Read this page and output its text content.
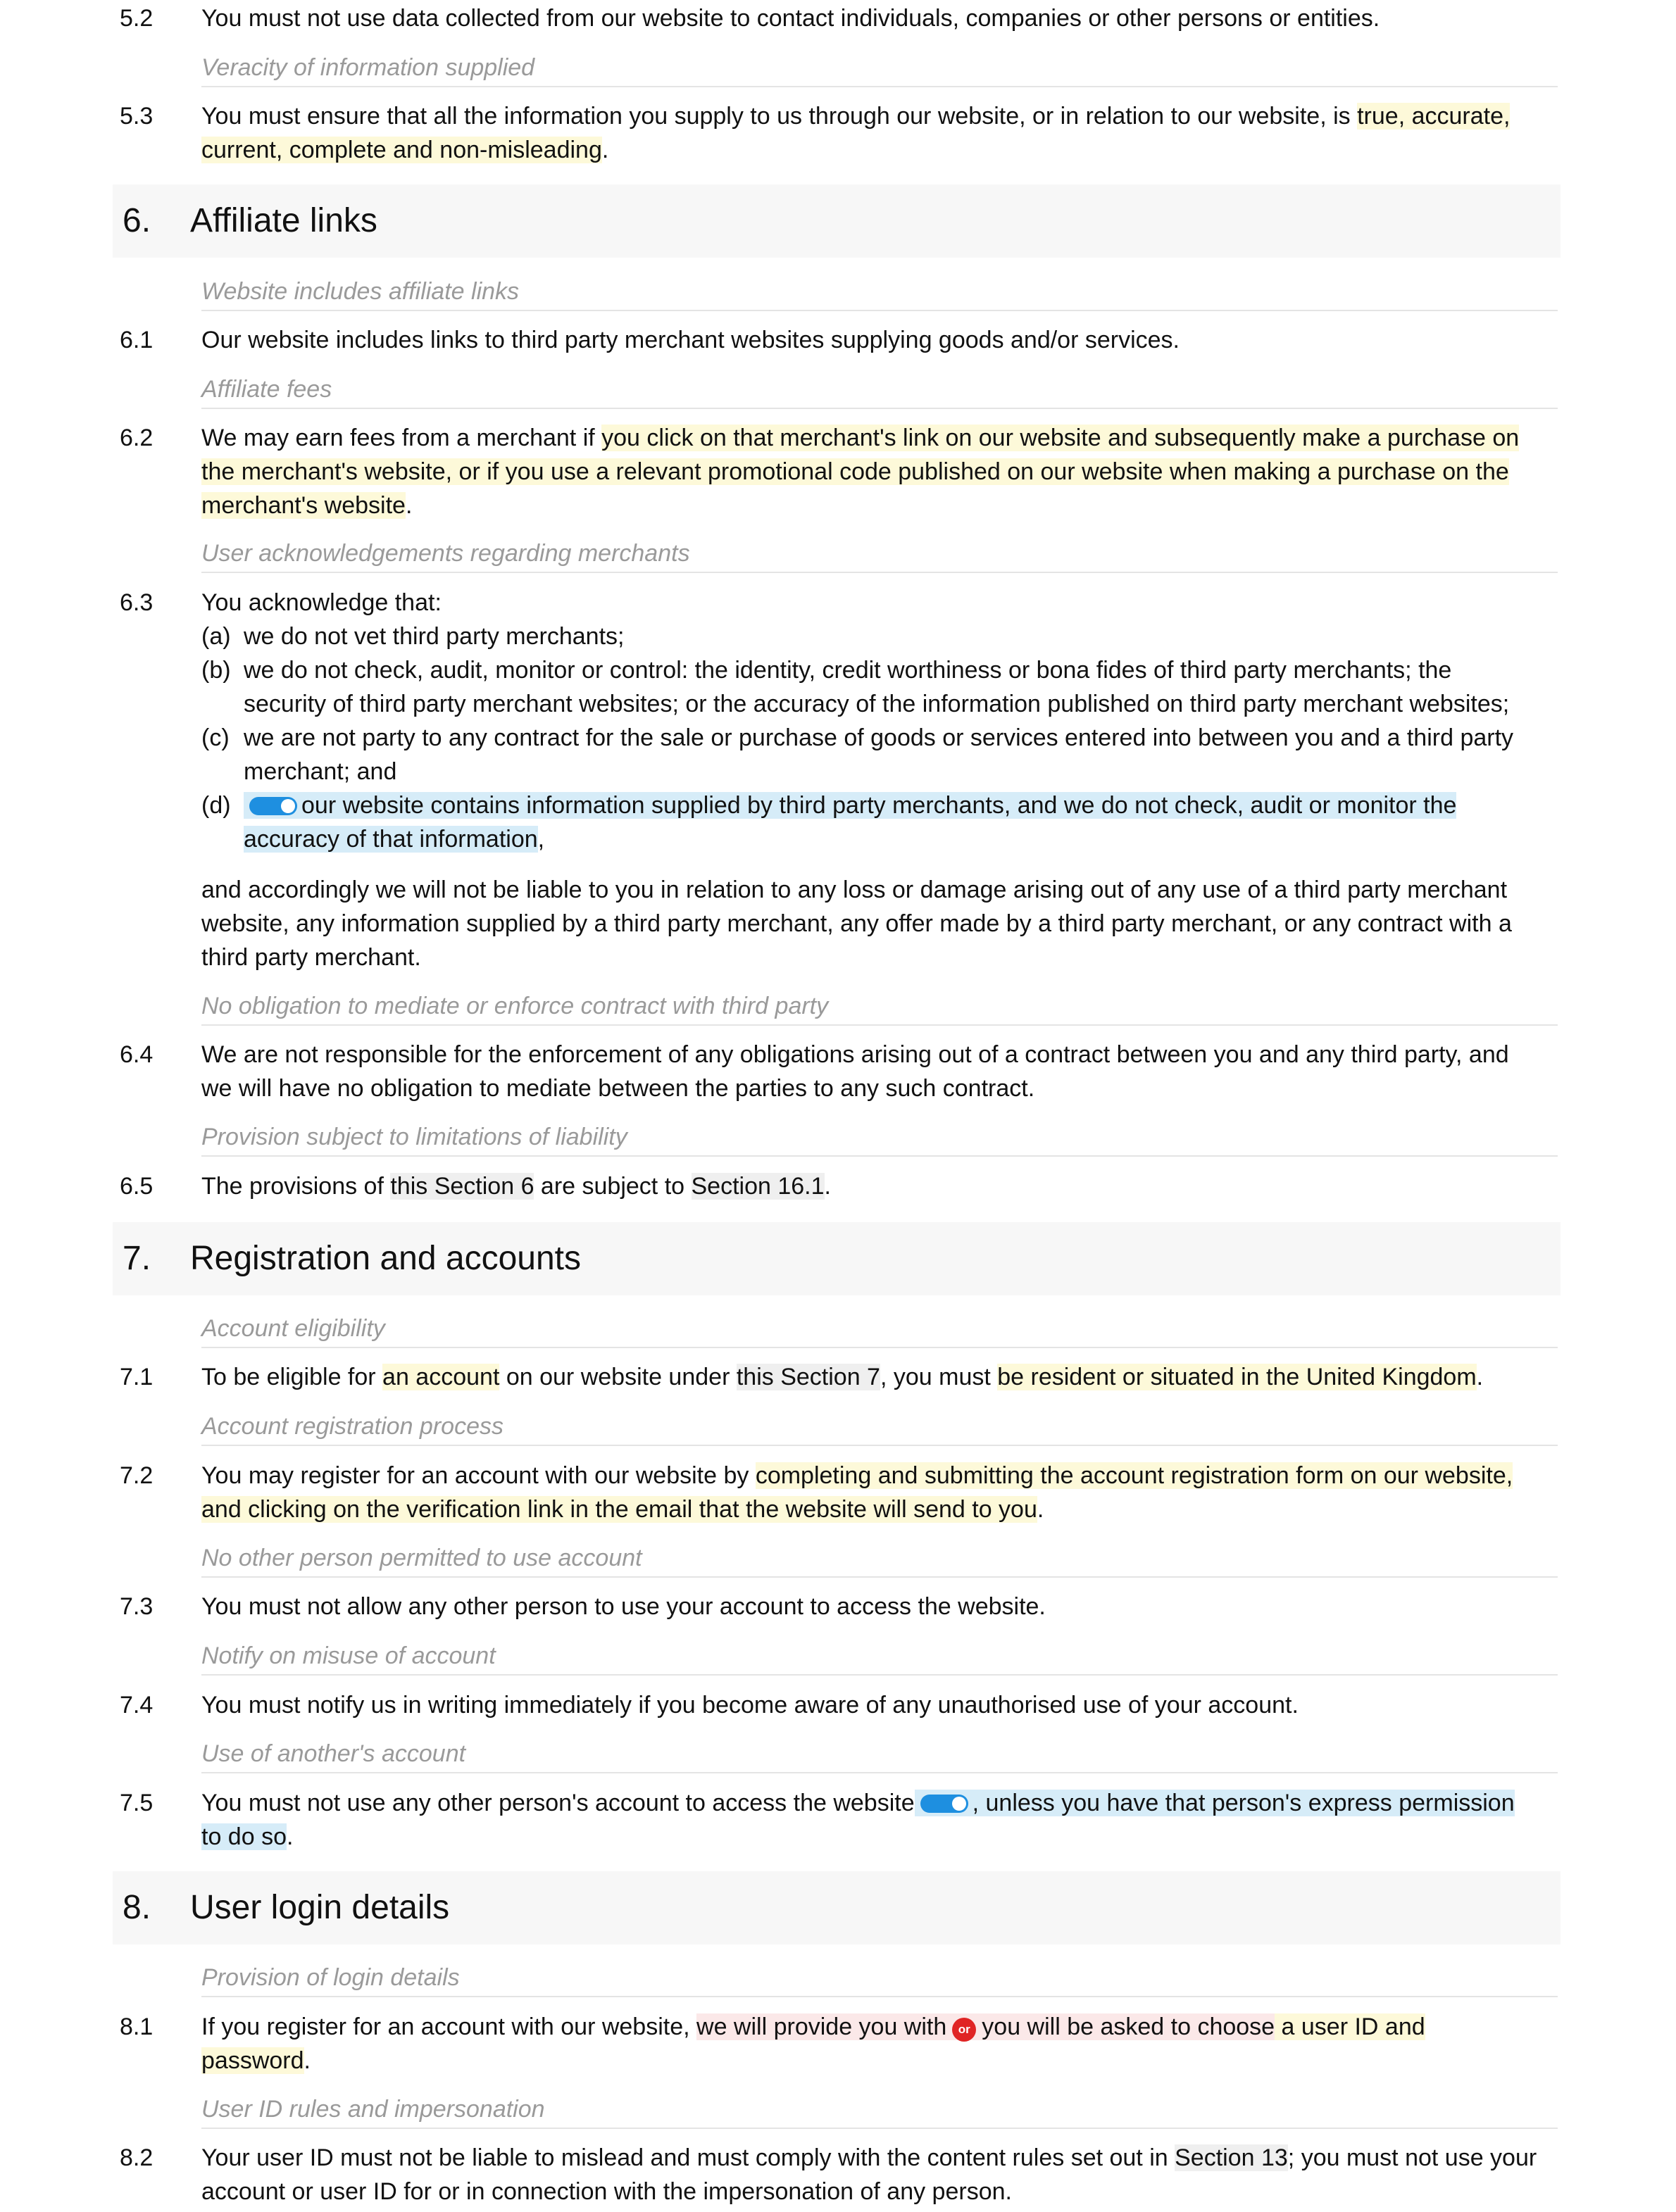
5.2 You must not use data collected from our website to contact individuals, companies or other persons or entities.
Veracity of information supplied
5.3 You must ensure that all the information you supply to us through our website, or in relation to our website, is true, accurate,
current, complete and non-misleading.
6. Affiliate links
Website includes affiliate links
6.1 Our website includes links to third party merchant websites supplying goods and/or services.
Affiliate fees
6.2 We may earn fees from a merchant if you click on that merchant's link on our website and subsequently make a purchase on
the merchant's website, or if you use a relevant promotional code published on our website when making a purchase on the
merchant's website.
User acknowledgements regarding merchants
6.3 You acknowledge that:
(a) we do not vet third party merchants;
(b) we do not check, audit, monitor or control: the identity, credit worthiness or bona fides of third party merchants; the
security of third party merchant websites; or the accuracy of the information published on third party merchant websites;
(c) we are not party to any contract for the sale or purchase of goods or services entered into between you and a third party
merchant; and
(d)	our website contains information supplied by third party merchants, and we do not check, audit or monitor the
accuracy of that information,
and accordingly we will not be liable to you in relation to any loss or damage arising out of any use of a third party merchant
website, any information supplied by a third party merchant, any offer made by a third party merchant, or any contract with a
third party merchant.
No obligation to mediate or enforce contract with third party
6.4 We are not responsible for the enforcement of any obligations arising out of a contract between you and any third party, and
we will have no obligation to mediate between the parties to any such contract.
Provision subject to limitations of liability
6.5 The provisions of this Section 6 are subject to Section 16.1.
7. Registration and accounts
Account eligibility
7.1 To be eligible for an account on our website under this Section 7, you must be resident or situated in the United Kingdom.
Account registration process
7.2 You may register for an account with our website by completing and submitting the account registration form on our website,
and clicking on the verification link in the email that the website will send to you.
No other person permitted to use account
7.3 You must not allow any other person to use your account to access the website.
Notify on misuse of account
7.4 You must notify us in writing immediately if you become aware of any unauthorised use of your account.
Use of another's account
7.5 You must not use any other person's account to access the website , unless you have that person's express permission
to do so.
8. User login details
Provision of login details
8.1 If you register for an account with our website, we will provide you with or you will be asked to choose a user ID and
password.
User ID rules and impersonation
8.2 Your user ID must not be liable to mislead and must comply with the content rules set out in Section 13; you must not use your
account or user ID for or in connection with the impersonation of any person.
